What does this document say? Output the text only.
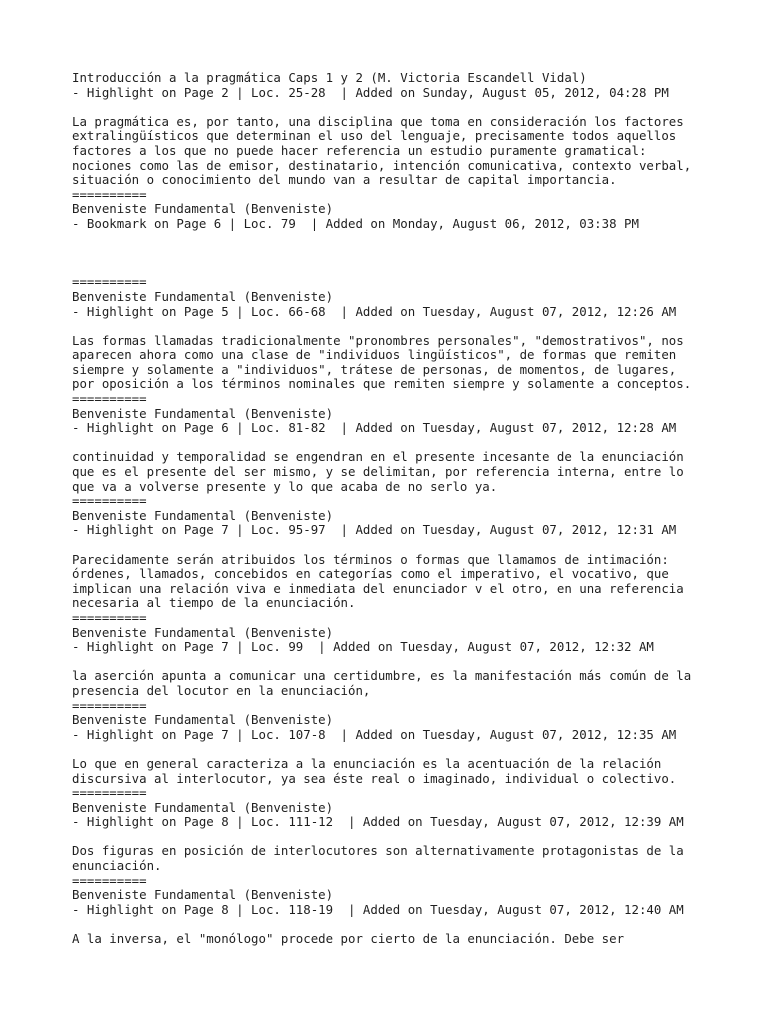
Introducción a la pragmática Caps 1 y 2 (M. Victoria Escandell Vidal)
- Highlight on Page 2 | Loc. 25-28  | Added on Sunday, August 05, 2012, 04:28 PM
La pragmática es, por tanto, una disciplina que toma en consideración los factores
extralingüísticos que determinan el uso del lenguaje, precisamente todos aquellos
factores a los que no puede hacer referencia un estudio puramente gramatical:
nociones como las de emisor, destinatario, intención comunicativa, contexto verbal,
situación o conocimiento del mundo van a resultar de capital importancia.
==========
Benveniste Fundamental (Benveniste)
- Bookmark on Page 6 | Loc. 79  | Added on Monday, August 06, 2012, 03:38 PM
==========
Benveniste Fundamental (Benveniste)
- Highlight on Page 5 | Loc. 66-68  | Added on Tuesday, August 07, 2012, 12:26 AM
Las formas llamadas tradicionalmente "pronombres personales", "demostrativos", nos
aparecen ahora como una clase de "individuos lingüísticos", de formas que remiten
siempre y solamente a "individuos", trátese de personas, de momentos, de lugares,
por oposición a los términos nominales que remiten siempre y solamente a conceptos.
==========
Benveniste Fundamental (Benveniste)
- Highlight on Page 6 | Loc. 81-82  | Added on Tuesday, August 07, 2012, 12:28 AM
continuidad y temporalidad se engendran en el presente incesante de la enunciación
que es el presente del ser mismo, y se delimitan, por referencia interna, entre lo
que va a volverse presente y lo que acaba de no serlo ya.
==========
Benveniste Fundamental (Benveniste)
- Highlight on Page 7 | Loc. 95-97  | Added on Tuesday, August 07, 2012, 12:31 AM
Parecidamente serán atribuidos los términos o formas que llamamos de intimación:
órdenes, llamados, concebidos en categorías como el imperativo, el vocativo, que
implican una relación viva e inmediata del enunciador v el otro, en una referencia
necesaria al tiempo de la enunciación.
==========
Benveniste Fundamental (Benveniste)
- Highlight on Page 7 | Loc. 99  | Added on Tuesday, August 07, 2012, 12:32 AM
la aserción apunta a comunicar una certidumbre, es la manifestación más común de la
presencia del locutor en la enunciación,
==========
Benveniste Fundamental (Benveniste)
- Highlight on Page 7 | Loc. 107-8  | Added on Tuesday, August 07, 2012, 12:35 AM
Lo que en general caracteriza a la enunciación es la acentuación de la relación
discursiva al interlocutor, ya sea éste real o imaginado, individual o colectivo.
==========
Benveniste Fundamental (Benveniste)
- Highlight on Page 8 | Loc. 111-12  | Added on Tuesday, August 07, 2012, 12:39 AM
Dos figuras en posición de interlocutores son alternativamente protagonistas de la
enunciación.
==========
Benveniste Fundamental (Benveniste)
- Highlight on Page 8 | Loc. 118-19  | Added on Tuesday, August 07, 2012, 12:40 AM
A la inversa, el "monólogo" procede por cierto de la enunciación. Debe ser
